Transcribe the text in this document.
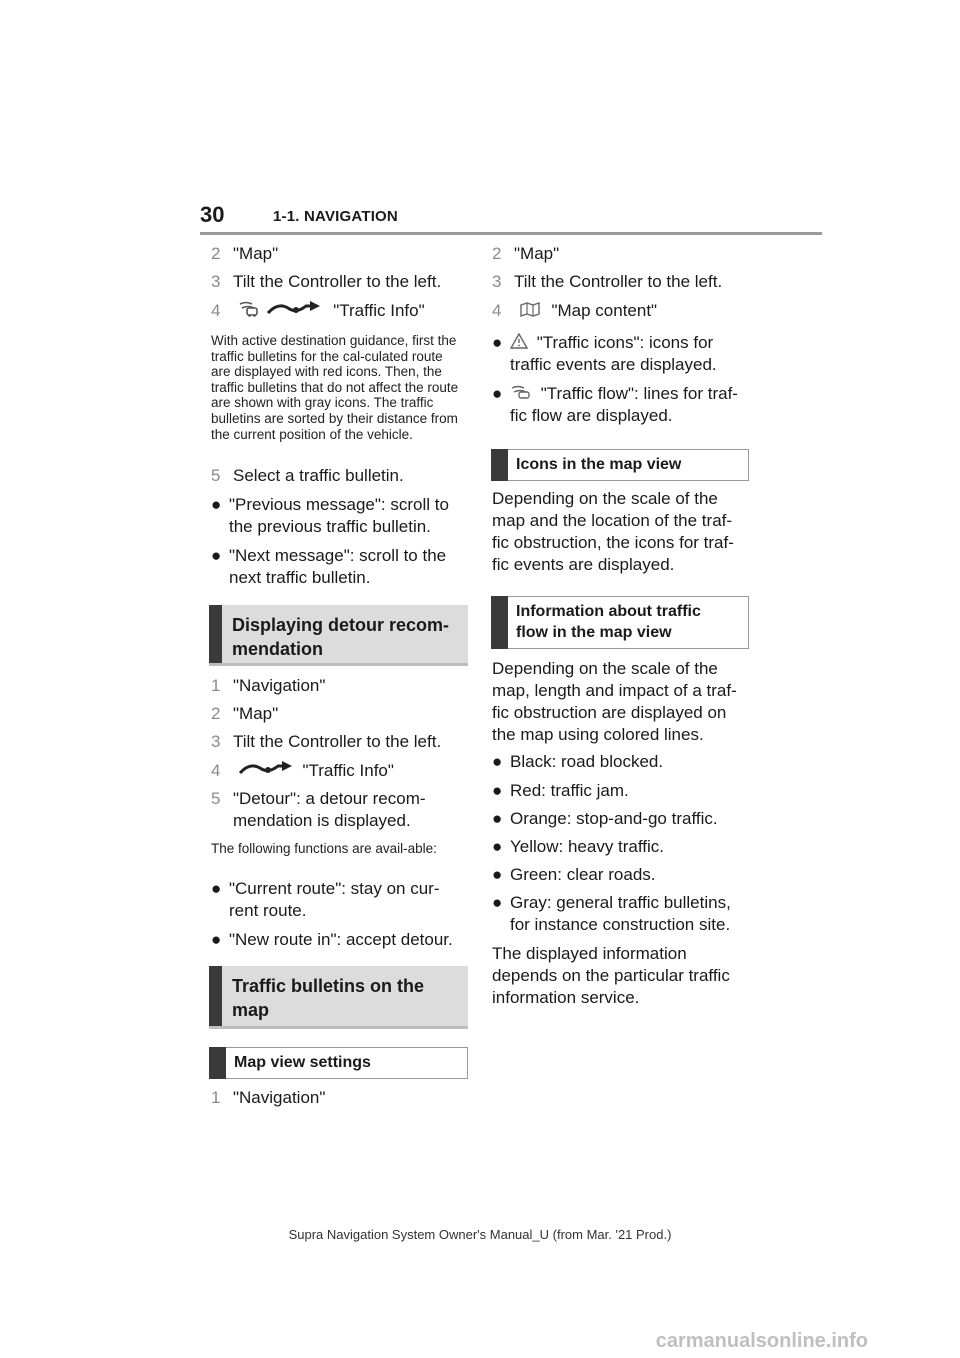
30	1-1. NAVIGATION
2 "Map"
3 Tilt the Controller to the left.
4	"Traffic Info"
With active destination guidance, first the traffic bulletins for the cal-culated route are displayed with red icons. Then, the traffic bulletins that do not affect the route are shown with gray icons. The traffic bulletins are sorted by their distance from the current position of the vehicle.
5 Select a traffic bulletin.
● "Previous message": scroll to
the previous traffic bulletin.
● "Next message": scroll to the
next traffic bulletin.
Displaying detour recom-mendation
1 "Navigation"
2 "Map"
3 Tilt the Controller to the left.
4	"Traffic Info"
5 "Detour": a detour recom-
mendation is displayed.
The following functions are avail-able:
● "Current route": stay on cur-
rent route.
● "New route in": accept detour.
Traffic bulletins on the map
Map view settings
1 "Navigation"
2 "Map"
3 Tilt the Controller to the left.
4	"Map content"
●	"Traffic icons": icons for
traffic events are displayed.
●	"Traffic flow": lines for traf-
fic flow are displayed.
Icons in the map view
Depending on the scale of the
map and the location of the traf-
fic obstruction, the icons for traf-
fic events are displayed.
Information about traffic
flow in the map view
Depending on the scale of the
map, length and impact of a traf-
fic obstruction are displayed on
the map using colored lines.
● Black: road blocked.
● Red: traffic jam.
● Orange: stop-and-go traffic.
● Yellow: heavy traffic.
● Green: clear roads.
● Gray: general traffic bulletins,
for instance construction site.
The displayed information
depends on the particular traffic
information service.
Supra Navigation System Owner's Manual_U (from Mar. '21 Prod.)
carmanualsonline.info
